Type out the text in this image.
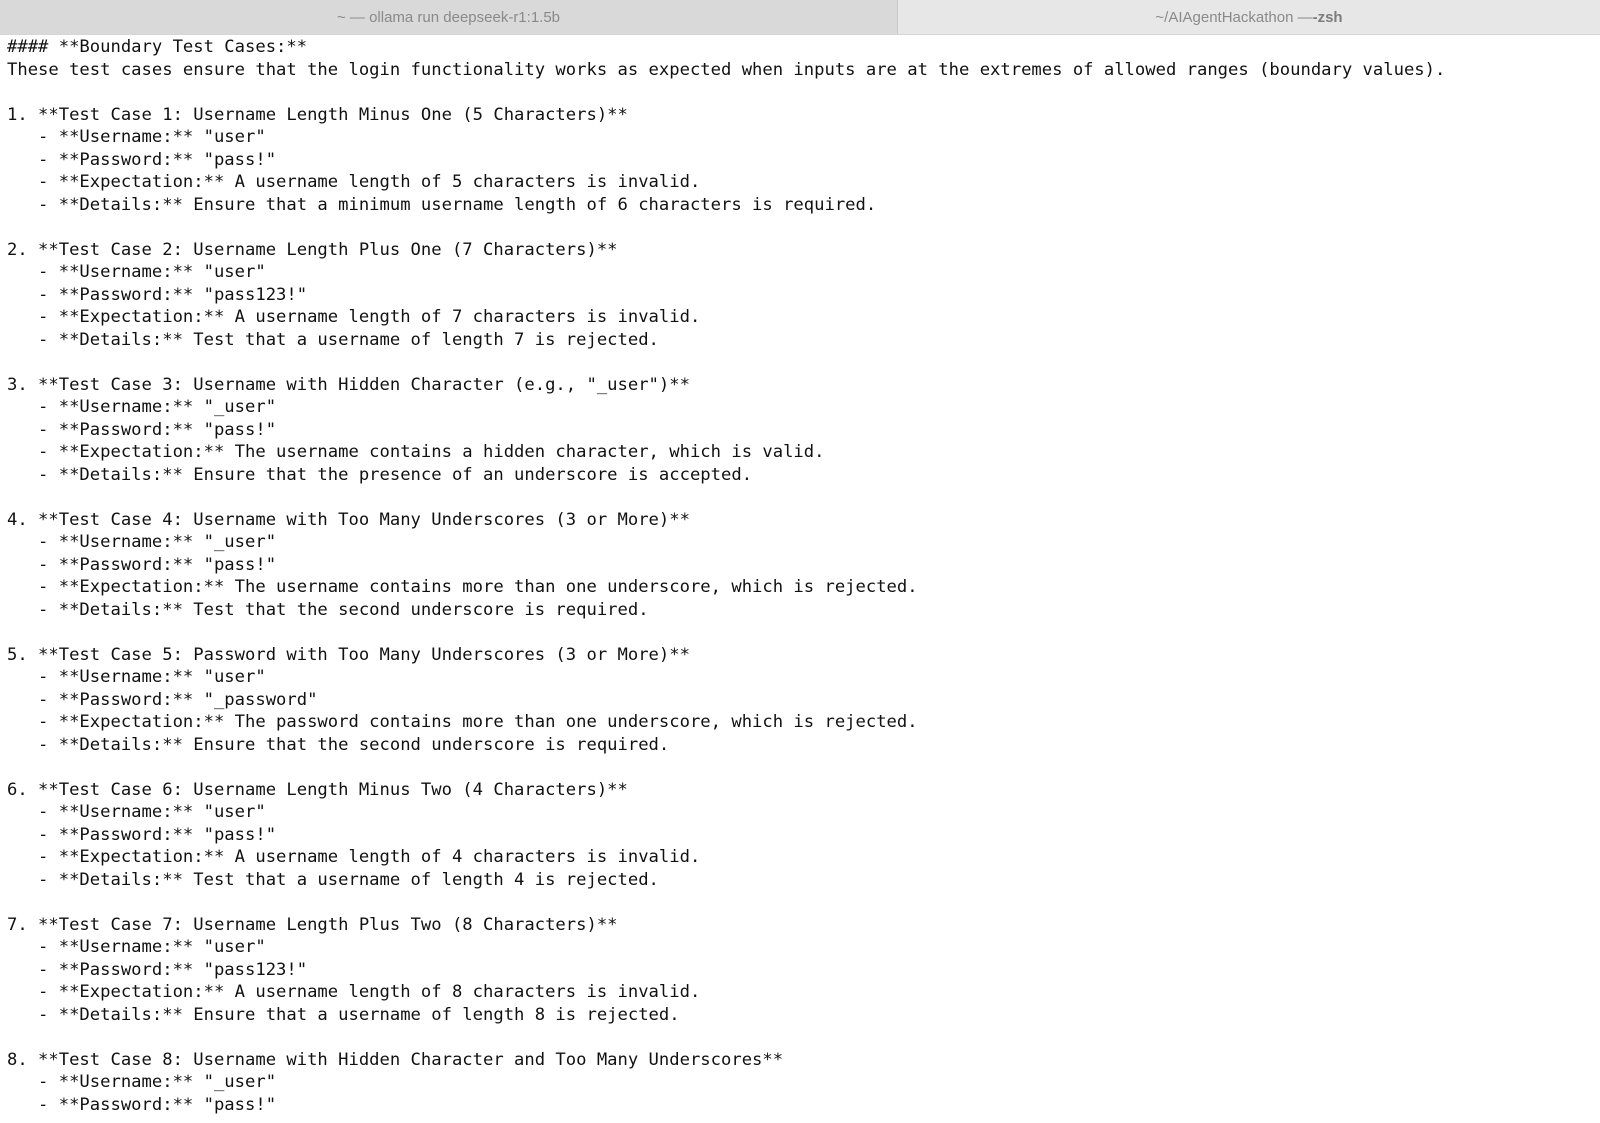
~ — ollama run deepseek-r1:1.5b	~/AIAgentHackathon — -zsh
#### **Boundary Test Cases:**
These test cases ensure that the login functionality works as expected when inputs are at the extremes of allowed ranges (boundary values).
1. **Test Case 1: Username Length Minus One (5 Characters)**
- **Username:** "user"
- **Password:** "pass!"
- **Expectation:** A username length of 5 characters is invalid.
- **Details:** Ensure that a minimum username length of 6 characters is required.
2. **Test Case 2: Username Length Plus One (7 Characters)**
- **Username:** "user"
- **Password:** "pass123!"
- **Expectation:** A username length of 7 characters is invalid.
- **Details:** Test that a username of length 7 is rejected.
3. **Test Case 3: Username with Hidden Character (e.g., "_user")**
- **Username:** "_user"
- **Password:** "pass!"
- **Expectation:** The username contains a hidden character, which is valid.
- **Details:** Ensure that the presence of an underscore is accepted.
4. **Test Case 4: Username with Too Many Underscores (3 or More)**
- **Username:** "_user"
- **Password:** "pass!"
- **Expectation:** The username contains more than one underscore, which is rejected.
- **Details:** Test that the second underscore is required.
5. **Test Case 5: Password with Too Many Underscores (3 or More)**
- **Username:** "user"
- **Password:** "_password"
- **Expectation:** The password contains more than one underscore, which is rejected.
- **Details:** Ensure that the second underscore is required.
6. **Test Case 6: Username Length Minus Two (4 Characters)**
- **Username:** "user"
- **Password:** "pass!"
- **Expectation:** A username length of 4 characters is invalid.
- **Details:** Test that a username of length 4 is rejected.
7. **Test Case 7: Username Length Plus Two (8 Characters)**
- **Username:** "user"
- **Password:** "pass123!"
- **Expectation:** A username length of 8 characters is invalid.
- **Details:** Ensure that a username of length 8 is rejected.
8. **Test Case 8: Username with Hidden Character and Too Many Underscores**
- **Username:** "_user"
- **Password:** "pass!"
